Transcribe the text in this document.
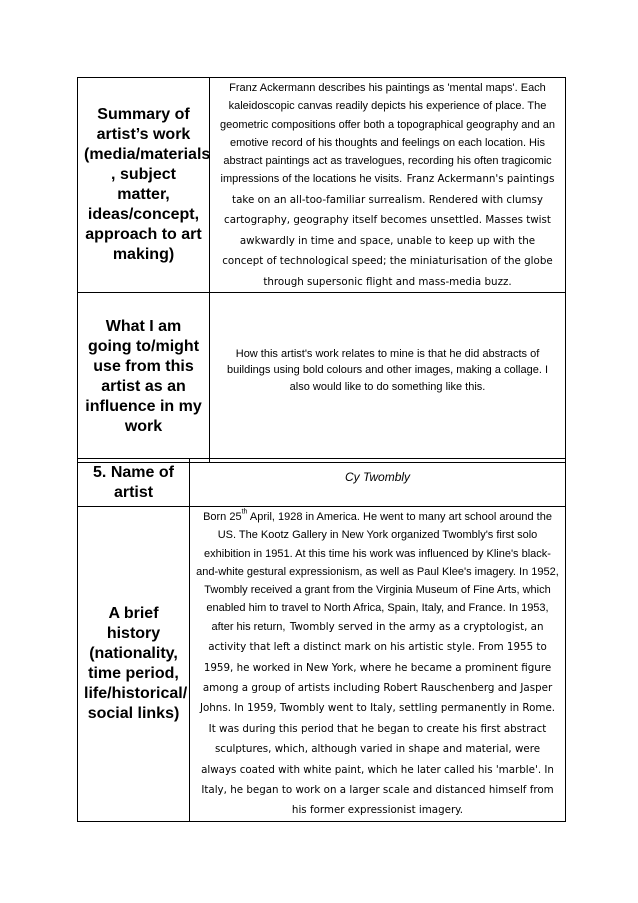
Summary of artist’s work (media/materials , subject matter, ideas/concept, approach to art making)	Franz Ackermann describes his paintings as 'mental maps'. Each kaleidoscopic canvas readily depicts his experience of place. The geometric compositions offer both a topographical geography and an emotive record of his thoughts and feelings on each location. His abstract paintings act as travelogues, recording his often tragicomic impressions of the locations he visits. Franz Ackermann's paintings take on an all-too-familiar surrealism. Rendered with clumsy cartography, geography itself becomes unsettled. Masses twist awkwardly in time and space, unable to keep up with the concept of technological speed; the miniaturisation of the globe through supersonic flight and mass-media buzz.

What I am going to/might use from this artist as an influence in my work	How this artist's work relates to mine is that he did abstracts of buildings using bold colours and other images, making a collage. I also would like to do something like this.
5. Name of artist	$^{Cy Twombly}$
A brief history (nationality, time period, life/historical/ social links)	Born 25th April, 1928 in America. He went to many art school around the US. The Kootz Gallery in New York organized Twombly's first solo exhibition in 1951. At this time his work was influenced by Kline's black-and-white gestural expressionism, as well as Paul Klee's imagery. In 1952, Twombly received a grant from the Virginia Museum of Fine Arts, which enabled him to travel to North Africa, Spain, Italy, and France. In 1953, after his return, Twombly served in the army as a cryptologist, an activity that left a distinct mark on his artistic style. From 1955 to 1959, he worked in New York, where he became a prominent figure among a group of artists including Robert Rauschenberg and Jasper Johns. In 1959, Twombly went to Italy, settling permanently in Rome. It was during this period that he began to create his first abstract sculptures, which, although varied in shape and material, were always coated with white paint, which he later called his 'marble'. In Italy, he began to work on a larger scale and distanced himself from his former expressionist imagery.
